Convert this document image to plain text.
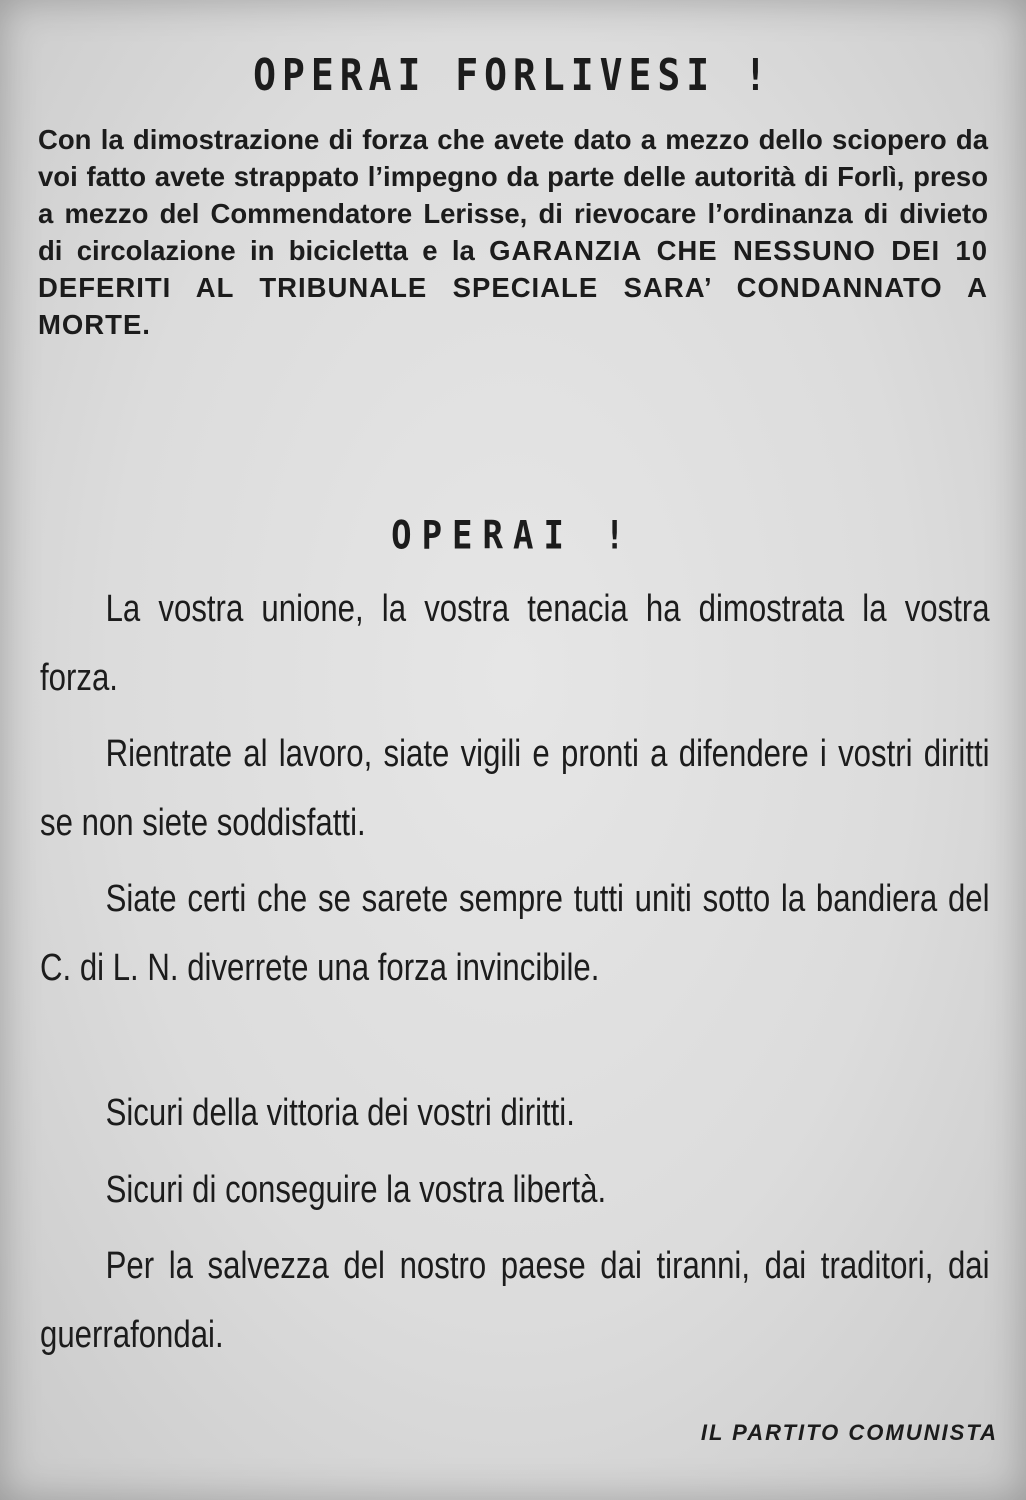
OPERAI FORLIVESI !

Con la dimostrazione di forza che avete dato a mezzo dello sciopero da voi fatto avete strappato l’impegno da parte delle autorità di Forlì, preso a mezzo del Commendatore Lerisse, di rievocare l’ordinanza di divieto di circolazione in bicicletta e la GARANZIA CHE NESSUNO DEI 10 DEFERITI AL TRIBUNALE SPECIALE SARA’ CONDANNATO A MORTE.

OPERAI !

La vostra unione, la vostra tenacia ha dimostrata la vostra forza.

Rientrate al lavoro, siate vigili e pronti a difendere i vostri diritti se non siete soddisfatti.

Siate certi che se sarete sempre tutti uniti sotto la bandiera del C. di L. N. diverrete una forza invincibile.

Sicuri della vittoria dei vostri diritti.

Sicuri di conseguire la vostra libertà.

Per la salvezza del nostro paese dai tiranni, dai traditori, dai guerrafondai.

IL PARTITO COMUNISTA
